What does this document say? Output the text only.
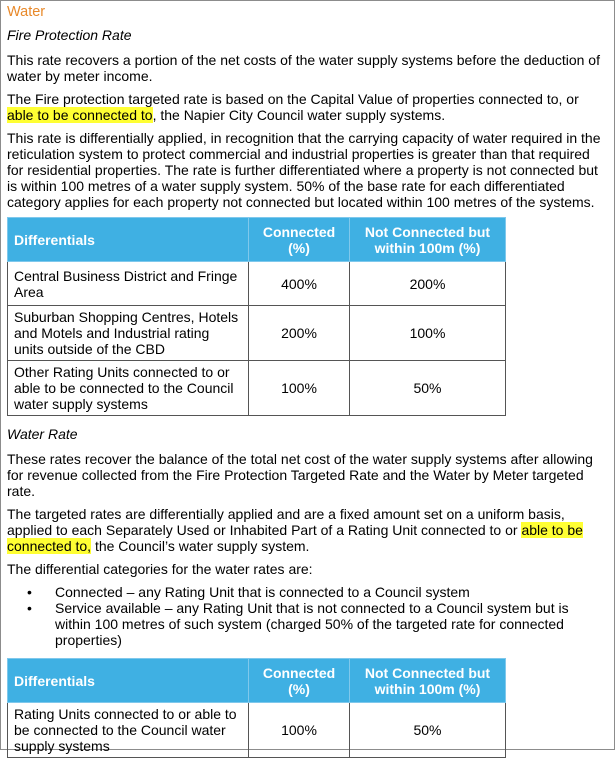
Water
Fire Protection Rate

This rate recovers a portion of the net costs of the water supply systems before the deduction of water by meter income.

The Fire protection targeted rate is based on the Capital Value of properties connected to, or able to be connected to, the Napier City Council water supply systems.

This rate is differentially applied, in recognition that the carrying capacity of water required in the reticulation system to protect commercial and industrial properties is greater than that required for residential properties. The rate is further differentiated where a property is not connected but is within 100 metres of a water supply system. 50% of the base rate for each differentiated category applies for each property not connected but located within 100 metres of the systems.

Differentials	Connected (%)	Not Connected but within 100m (%)
Central Business District and Fringe Area	400%	200%
Suburban Shopping Centres, Hotels and Motels and Industrial rating units outside of the CBD	200%	100%
Other Rating Units connected to or able to be connected to the Council water supply systems	100%	50%
Water Rate

These rates recover the balance of the total net cost of the water supply systems after allowing for revenue collected from the Fire Protection Targeted Rate and the Water by Meter targeted rate.

The targeted rates are differentially applied and are a fixed amount set on a uniform basis, applied to each Separately Used or Inhabited Part of a Rating Unit connected to or able to be connected to, the Council’s water supply system.

The differential categories for the water rates are:

• Connected – any Rating Unit that is connected to a Council system
• Service available – any Rating Unit that is not connected to a Council system but is within 100 metres of such system (charged 50% of the targeted rate for connected properties)
Differentials	Connected (%)	Not Connected but within 100m (%)
Rating Units connected to or able to be connected to the Council water supply systems	100%	50%
